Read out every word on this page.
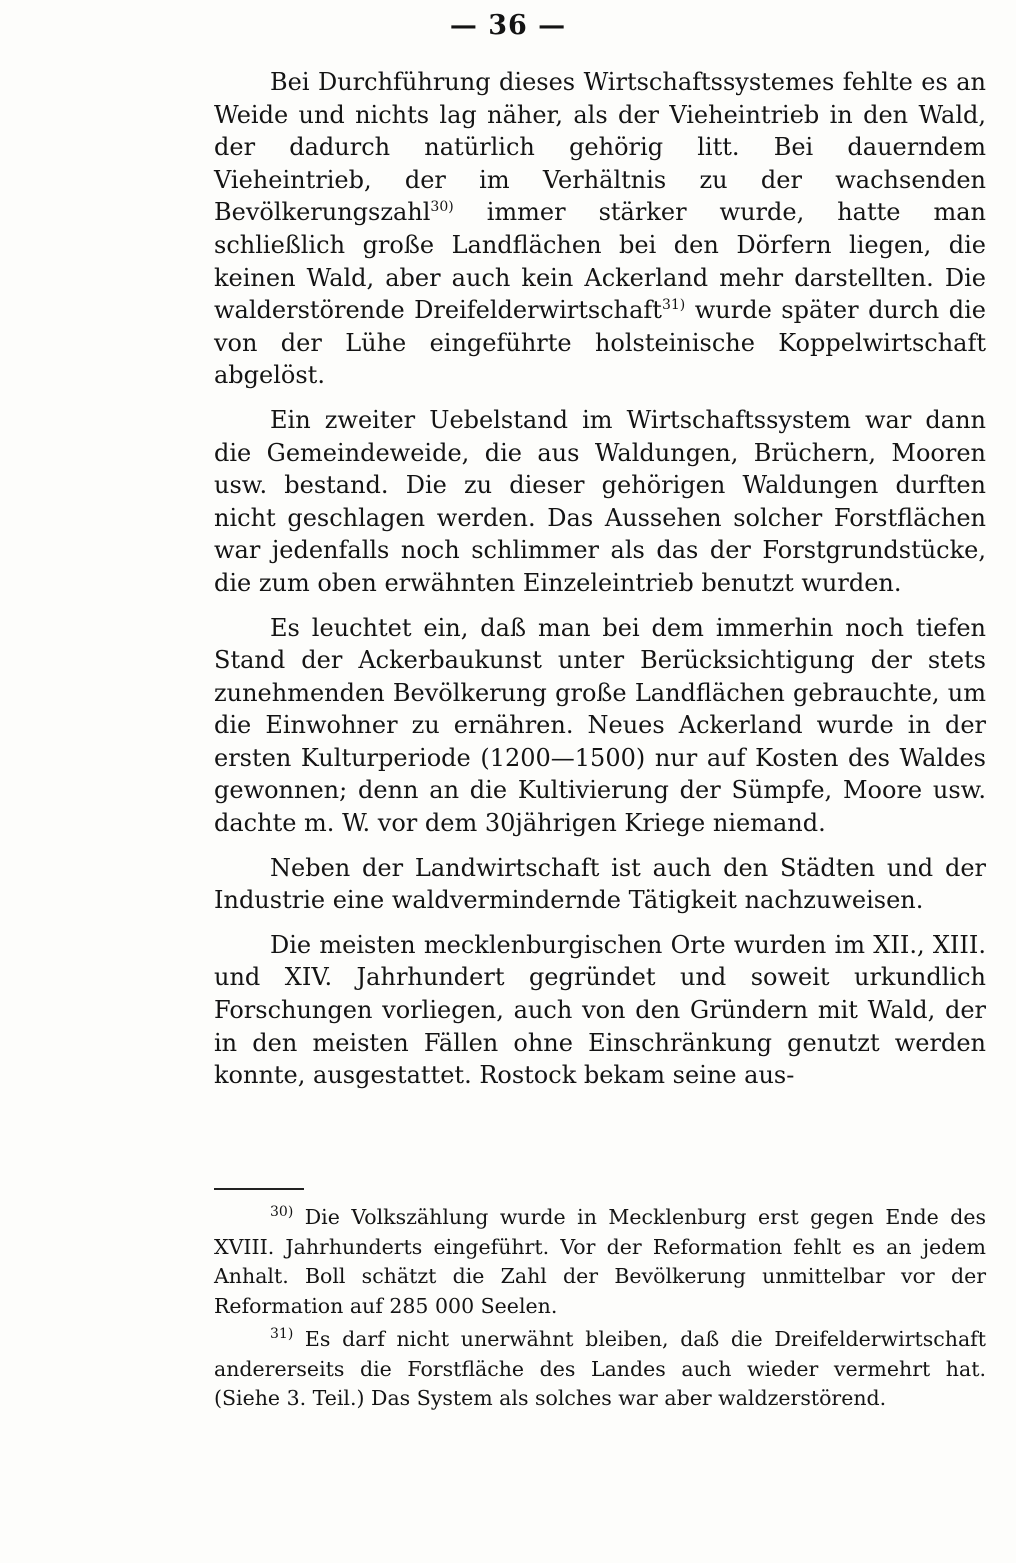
— 36 —

Bei Durchführung dieses Wirtschaftssystemes fehlte es an Weide und nichts lag näher, als der Vieheintrieb in den Wald, der dadurch natürlich gehörig litt. Bei dauerndem Vieheintrieb, der im Verhältnis zu der wachsenden Bevölkerungszahl$^{30)}$ immer stärker wurde, hatte man schließlich große Landflächen bei den Dörfern liegen, die keinen Wald, aber auch kein Ackerland mehr darstellten. Die walderstörende Dreifelderwirtschaft$^{31)}$ wurde später durch die von der Lühe eingeführte holsteinische Koppelwirtschaft abgelöst.

Ein zweiter Uebelstand im Wirtschaftssystem war dann die Gemeindeweide, die aus Waldungen, Brüchern, Mooren usw. bestand. Die zu dieser gehörigen Waldungen durften nicht geschlagen werden. Das Aussehen solcher Forstflächen war jedenfalls noch schlimmer als das der Forstgrundstücke, die zum oben erwähnten Einzeleintrieb benutzt wurden.

Es leuchtet ein, daß man bei dem immerhin noch tiefen Stand der Ackerbaukunst unter Berücksichtigung der stets zunehmenden Bevölkerung große Landflächen gebrauchte, um die Einwohner zu ernähren. Neues Ackerland wurde in der ersten Kulturperiode (1200—1500) nur auf Kosten des Waldes gewonnen; denn an die Kultivierung der Sümpfe, Moore usw. dachte m. W. vor dem 30jährigen Kriege niemand.

Neben der Landwirtschaft ist auch den Städten und der Industrie eine waldvermindernde Tätigkeit nachzuweisen.

Die meisten mecklenburgischen Orte wurden im XII., XIII. und XIV. Jahrhundert gegründet und soweit urkundlich Forschungen vorliegen, auch von den Gründern mit Wald, der in den meisten Fällen ohne Einschränkung genutzt werden konnte, ausgestattet. Rostock bekam seine aus-

$^{30)}$ Die Volkszählung wurde in Mecklenburg erst gegen Ende des XVIII. Jahrhunderts eingeführt. Vor der Reformation fehlt es an jedem Anhalt. Boll schätzt die Zahl der Bevölkerung unmittelbar vor der Reformation auf 285 000 Seelen.

$^{31)}$ Es darf nicht unerwähnt bleiben, daß die Dreifelderwirtschaft andererseits die Forstfläche des Landes auch wieder vermehrt hat. (Siehe 3. Teil.) Das System als solches war aber waldzerstörend.
